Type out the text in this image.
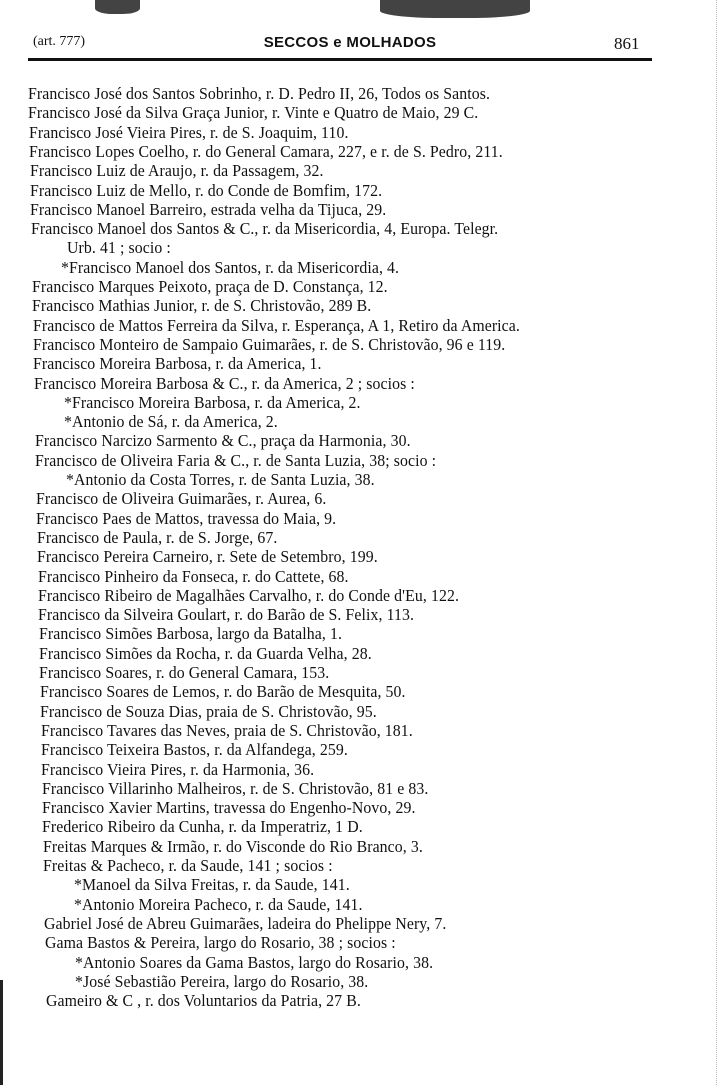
(art. 777)	SECCOS e MOLHADOS	861
Francisco José dos Santos Sobrinho, r. D. Pedro II, 26, Todos os Santos.
Francisco José da Silva Graça Junior, r. Vinte e Quatro de Maio, 29 C.
Francisco José Vieira Pires, r. de S. Joaquim, 110.
Francisco Lopes Coelho, r. do General Camara, 227, e r. de S. Pedro, 211.
Francisco Luiz de Araujo, r. da Passagem, 32.
Francisco Luiz de Mello, r. do Conde de Bomfim, 172.
Francisco Manoel Barreiro, estrada velha da Tijuca, 29.
Francisco Manoel dos Santos & C., r. da Misericordia, 4, Europa. Telegr.
Urb. 41 ; socio :
*Francisco Manoel dos Santos, r. da Misericordia, 4.
Francisco Marques Peixoto, praça de D. Constança, 12.
Francisco Mathias Junior, r. de S. Christovão, 289 B.
Francisco de Mattos Ferreira da Silva, r. Esperança, A 1, Retiro da America.
Francisco Monteiro de Sampaio Guimarães, r. de S. Christovão, 96 e 119.
Francisco Moreira Barbosa, r. da America, 1.
Francisco Moreira Barbosa & C., r. da America, 2 ; socios :
*Francisco Moreira Barbosa, r. da America, 2.
*Antonio de Sá, r. da America, 2.
Francisco Narcizo Sarmento & C., praça da Harmonia, 30.
Francisco de Oliveira Faria & C., r. de Santa Luzia, 38; socio :
*Antonio da Costa Torres, r. de Santa Luzia, 38.
Francisco de Oliveira Guimarães, r. Aurea, 6.
Francisco Paes de Mattos, travessa do Maia, 9.
Francisco de Paula, r. de S. Jorge, 67.
Francisco Pereira Carneiro, r. Sete de Setembro, 199.
Francisco Pinheiro da Fonseca, r. do Cattete, 68.
Francisco Ribeiro de Magalhães Carvalho, r. do Conde d'Eu, 122.
Francisco da Silveira Goulart, r. do Barão de S. Felix, 113.
Francisco Simões Barbosa, largo da Batalha, 1.
Francisco Simões da Rocha, r. da Guarda Velha, 28.
Francisco Soares, r. do General Camara, 153.
Francisco Soares de Lemos, r. do Barão de Mesquita, 50.
Francisco de Souza Dias, praia de S. Christovão, 95.
Francisco Tavares das Neves, praia de S. Christovão, 181.
Francisco Teixeira Bastos, r. da Alfandega, 259.
Francisco Vieira Pires, r. da Harmonia, 36.
Francisco Villarinho Malheiros, r. de S. Christovão, 81 e 83.
Francisco Xavier Martins, travessa do Engenho-Novo, 29.
Frederico Ribeiro da Cunha, r. da Imperatriz, 1 D.
Freitas Marques & Irmão, r. do Visconde do Rio Branco, 3.
Freitas & Pacheco, r. da Saude, 141 ; socios :
*Manoel da Silva Freitas, r. da Saude, 141.
*Antonio Moreira Pacheco, r. da Saude, 141.
Gabriel José de Abreu Guimarães, ladeira do Phelippe Nery, 7.
Gama Bastos & Pereira, largo do Rosario, 38 ; socios :
*Antonio Soares da Gama Bastos, largo do Rosario, 38.
*José Sebastião Pereira, largo do Rosario, 38.
Gameiro & C , r. dos Voluntarios da Patria, 27 B.
